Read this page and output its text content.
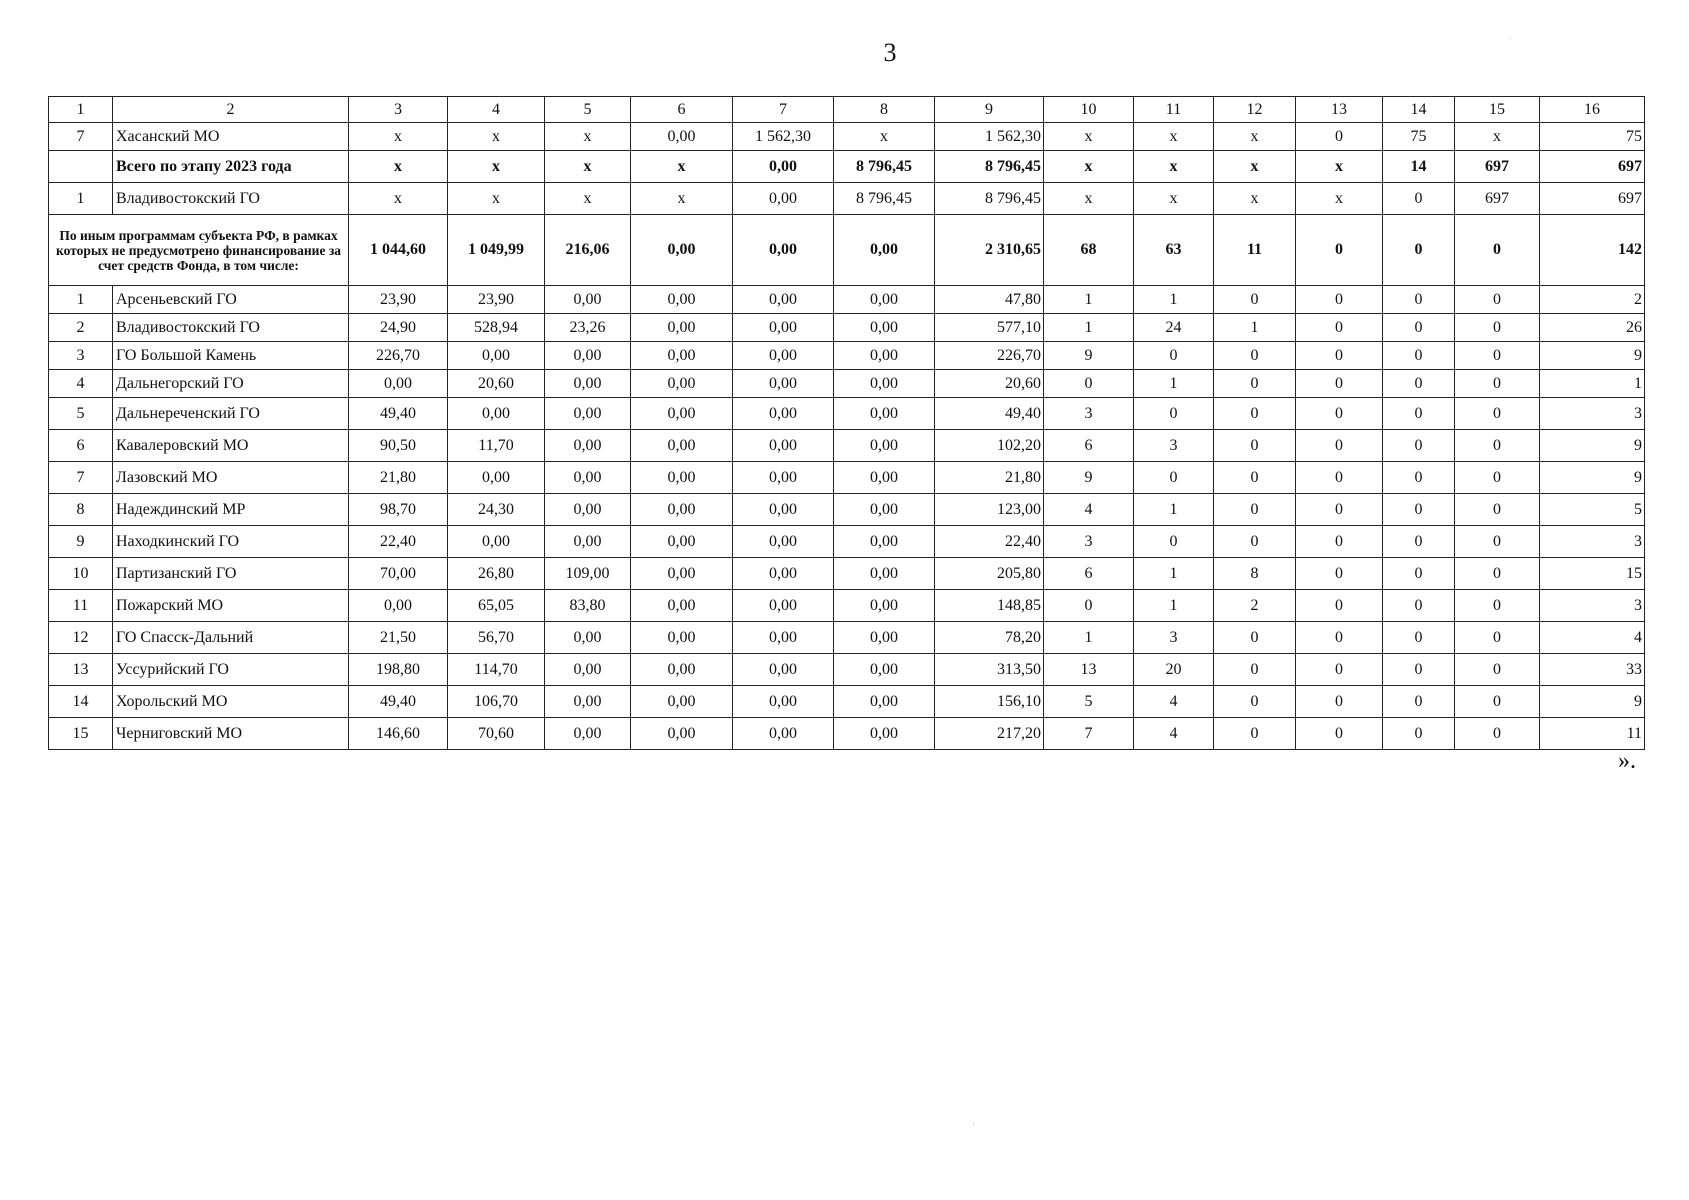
3
1	2	3	4	5	6	7	8	9	10	11	12	13	14	15	16
7	Хасанский МО	x	x	x	0,00	1 562,30	x	1 562,30	x	x	x	0	75	x	75
	Всего по этапу 2023 года	x	x	x	x	0,00	8 796,45	8 796,45	x	x	x	x	14	697	697
1	Владивостокский ГО	x	x	x	x	0,00	8 796,45	8 796,45	x	x	x	x	0	697	697
По иным программам субъекта РФ, в рамках которых не предусмотрено финансирование за счет средств Фонда, в том числе:		1 044,60	1 049,99	216,06	0,00	0,00	0,00	2 310,65	68	63	11	0	0	0	142
1	Арсеньевский ГО	23,90	23,90	0,00	0,00	0,00	0,00	47,80	1	1	0	0	0	0	2
2	Владивостокский ГО	24,90	528,94	23,26	0,00	0,00	0,00	577,10	1	24	1	0	0	0	26
3	ГО Большой Камень	226,70	0,00	0,00	0,00	0,00	0,00	226,70	9	0	0	0	0	0	9
4	Дальнегорский ГО	0,00	20,60	0,00	0,00	0,00	0,00	20,60	0	1	0	0	0	0	1
5	Дальнереченский ГО	49,40	0,00	0,00	0,00	0,00	0,00	49,40	3	0	0	0	0	0	3
6	Кавалеровский МО	90,50	11,70	0,00	0,00	0,00	0,00	102,20	6	3	0	0	0	0	9
7	Лазовский МО	21,80	0,00	0,00	0,00	0,00	0,00	21,80	9	0	0	0	0	0	9
8	Надеждинский МР	98,70	24,30	0,00	0,00	0,00	0,00	123,00	4	1	0	0	0	0	5
9	Находкинский ГО	22,40	0,00	0,00	0,00	0,00	0,00	22,40	3	0	0	0	0	0	3
10	Партизанский ГО	70,00	26,80	109,00	0,00	0,00	0,00	205,80	6	1	8	0	0	0	15
11	Пожарский МО	0,00	65,05	83,80	0,00	0,00	0,00	148,85	0	1	2	0	0	0	3
12	ГО Спасск-Дальний	21,50	56,70	0,00	0,00	0,00	0,00	78,20	1	3	0	0	0	0	4
13	Уссурийский ГО	198,80	114,70	0,00	0,00	0,00	0,00	313,50	13	20	0	0	0	0	33
14	Хорольский МО	49,40	106,70	0,00	0,00	0,00	0,00	156,10	5	4	0	0	0	0	9
15	Черниговский МО	146,60	70,60	0,00	0,00	0,00	0,00	217,20	7	4	0	0	0	0	11
».
